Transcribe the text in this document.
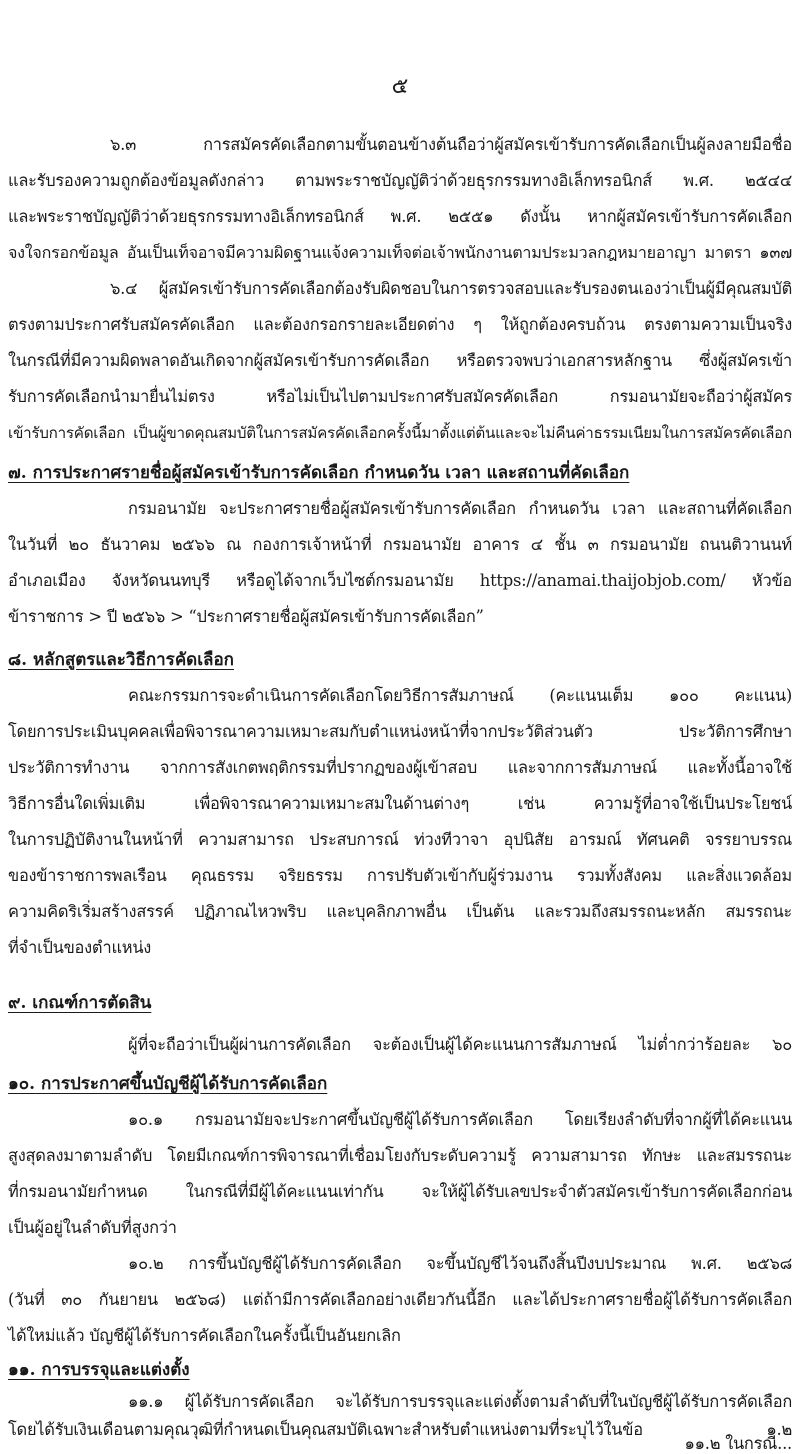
๕
๖.๓ การสมัครคัดเลือกตามขั้นตอนข้างต้นถือว่าผู้สมัครเข้ารับการคัดเลือกเป็นผู้ลงลายมือชื่อ
และรับรองความถูกต้องข้อมูลดังกล่าว ตามพระราชบัญญัติว่าด้วยธุรกรรมทางอิเล็กทรอนิกส์ พ.ศ. ๒๕๔๔
และพระราชบัญญัติว่าด้วยธุรกรรมทางอิเล็กทรอนิกส์ พ.ศ. ๒๕๕๑ ดังนั้น หากผู้สมัครเข้ารับการคัดเลือก
จงใจกรอกข้อมูล อันเป็นเท็จอาจมีความผิดฐานแจ้งความเท็จต่อเจ้าพนักงานตามประมวลกฎหมายอาญา มาตรา ๑๓๗
๖.๔ ผู้สมัครเข้ารับการคัดเลือกต้องรับผิดชอบในการตรวจสอบและรับรองตนเองว่าเป็นผู้มีคุณสมบัติ
ตรงตามประกาศรับสมัครคัดเลือก และต้องกรอกรายละเอียดต่าง ๆ ให้ถูกต้องครบถ้วน ตรงตามความเป็นจริง
ในกรณีที่มีความผิดพลาดอันเกิดจากผู้สมัครเข้ารับการคัดเลือก หรือตรวจพบว่าเอกสารหลักฐาน ซึ่งผู้สมัครเข้า
รับการคัดเลือกนำมายื่นไม่ตรง หรือไม่เป็นไปตามประกาศรับสมัครคัดเลือก กรมอนามัยจะถือว่าผู้สมัคร
เข้ารับการคัดเลือก เป็นผู้ขาดคุณสมบัติในการสมัครคัดเลือกครั้งนี้มาตั้งแต่ต้นและจะไม่คืนค่าธรรมเนียมในการสมัครคัดเลือก
๗. การประกาศรายชื่อผู้สมัครเข้ารับการคัดเลือก กำหนดวัน เวลา และสถานที่คัดเลือก
กรมอนามัย จะประกาศรายชื่อผู้สมัครเข้ารับการคัดเลือก กำหนดวัน เวลา และสถานที่คัดเลือก
ในวันที่ ๒๐ ธันวาคม ๒๕๖๖ ณ กองการเจ้าหน้าที่ กรมอนามัย อาคาร ๔ ชั้น ๓ กรมอนามัย ถนนติวานนท์
อำเภอเมือง จังหวัดนนทบุรี หรือดูได้จากเว็บไซต์กรมอนามัย https://anamai.thaijobjob.com/ หัวข้อ
ข้าราชการ > ปี ๒๕๖๖ > “ประกาศรายชื่อผู้สมัครเข้ารับการคัดเลือก”
๘. หลักสูตรและวิธีการคัดเลือก
คณะกรรมการจะดำเนินการคัดเลือกโดยวิธีการสัมภาษณ์ (คะแนนเต็ม ๑๐๐ คะแนน)
โดยการประเมินบุคคลเพื่อพิจารณาความเหมาะสมกับตำแหน่งหน้าที่จากประวัติส่วนตัว ประวัติการศึกษา
ประวัติการทำงาน จากการสังเกตพฤติกรรมที่ปรากฏของผู้เข้าสอบ และจากการสัมภาษณ์ และทั้งนี้อาจใช้
วิธีการอื่นใดเพิ่มเติม เพื่อพิจารณาความเหมาะสมในด้านต่างๆ เช่น ความรู้ที่อาจใช้เป็นประโยชน์
ในการปฏิบัติงานในหน้าที่ ความสามารถ ประสบการณ์ ท่วงทีวาจา อุปนิสัย อารมณ์ ทัศนคติ จรรยาบรรณ
ของข้าราชการพลเรือน คุณธรรม จริยธรรม การปรับตัวเข้ากับผู้ร่วมงาน รวมทั้งสังคม และสิ่งแวดล้อม
ความคิดริเริ่มสร้างสรรค์ ปฏิภาณไหวพริบ และบุคลิกภาพอื่น เป็นต้น และรวมถึงสมรรถนะหลัก สมรรถนะ
ที่จำเป็นของตำแหน่ง
๙. เกณฑ์การตัดสิน
ผู้ที่จะถือว่าเป็นผู้ผ่านการคัดเลือก จะต้องเป็นผู้ได้คะแนนการสัมภาษณ์ ไม่ต่ำกว่าร้อยละ ๖๐
๑๐. การประกาศขึ้นบัญชีผู้ได้รับการคัดเลือก
๑๐.๑ กรมอนามัยจะประกาศขึ้นบัญชีผู้ได้รับการคัดเลือก โดยเรียงลำดับที่จากผู้ที่ได้คะแนน
สูงสุดลงมาตามลำดับ โดยมีเกณฑ์การพิจารณาที่เชื่อมโยงกับระดับความรู้ ความสามารถ ทักษะ และสมรรถนะ
ที่กรมอนามัยกำหนด ในกรณีที่มีผู้ได้คะแนนเท่ากัน จะให้ผู้ได้รับเลขประจำตัวสมัครเข้ารับการคัดเลือกก่อน
เป็นผู้อยู่ในลำดับที่สูงกว่า
๑๐.๒ การขึ้นบัญชีผู้ได้รับการคัดเลือก จะขึ้นบัญชีไว้จนถึงสิ้นปีงบประมาณ พ.ศ. ๒๕๖๘
(วันที่ ๓๐ กันยายน ๒๕๖๘) แต่ถ้ามีการคัดเลือกอย่างเดียวกันนี้อีก และได้ประกาศรายชื่อผู้ได้รับการคัดเลือก
ได้ใหม่แล้ว บัญชีผู้ได้รับการคัดเลือกในครั้งนี้เป็นอันยกเลิก
๑๑. การบรรจุและแต่งตั้ง
๑๑.๑ ผู้ได้รับการคัดเลือก จะได้รับการบรรจุและแต่งตั้งตามลำดับที่ในบัญชีผู้ได้รับการคัดเลือก
โดยได้รับเงินเดือนตามคุณวุฒิที่กำหนดเป็นคุณสมบัติเฉพาะสำหรับตำแหน่งตามที่ระบุไว้ในข้อ ๑.๒
๑๑.๒ ในกรณี...
